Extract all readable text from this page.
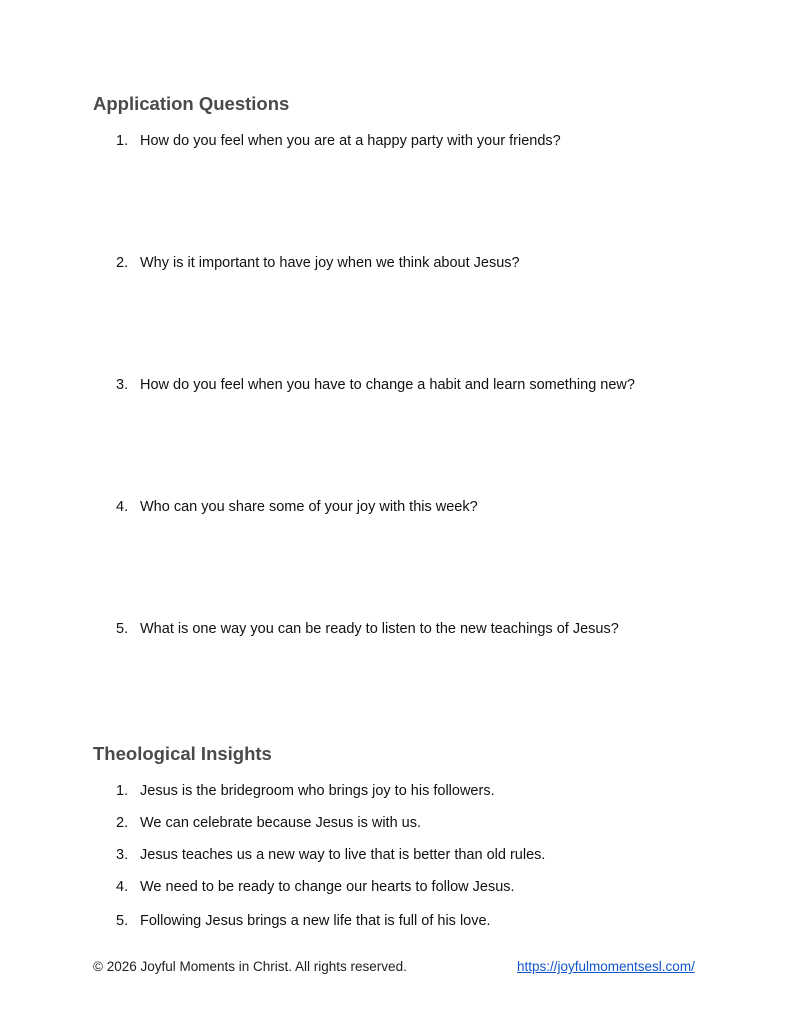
Application Questions
1. How do you feel when you are at a happy party with your friends?
2. Why is it important to have joy when we think about Jesus?
3. How do you feel when you have to change a habit and learn something new?
4. Who can you share some of your joy with this week?
5. What is one way you can be ready to listen to the new teachings of Jesus?
Theological Insights
1. Jesus is the bridegroom who brings joy to his followers.
2. We can celebrate because Jesus is with us.
3. Jesus teaches us a new way to live that is better than old rules.
4. We need to be ready to change our hearts to follow Jesus.
5. Following Jesus brings a new life that is full of his love.
© 2026 Joyful Moments in Christ. All rights reserved.	https://joyfulmomentsesl.com/
